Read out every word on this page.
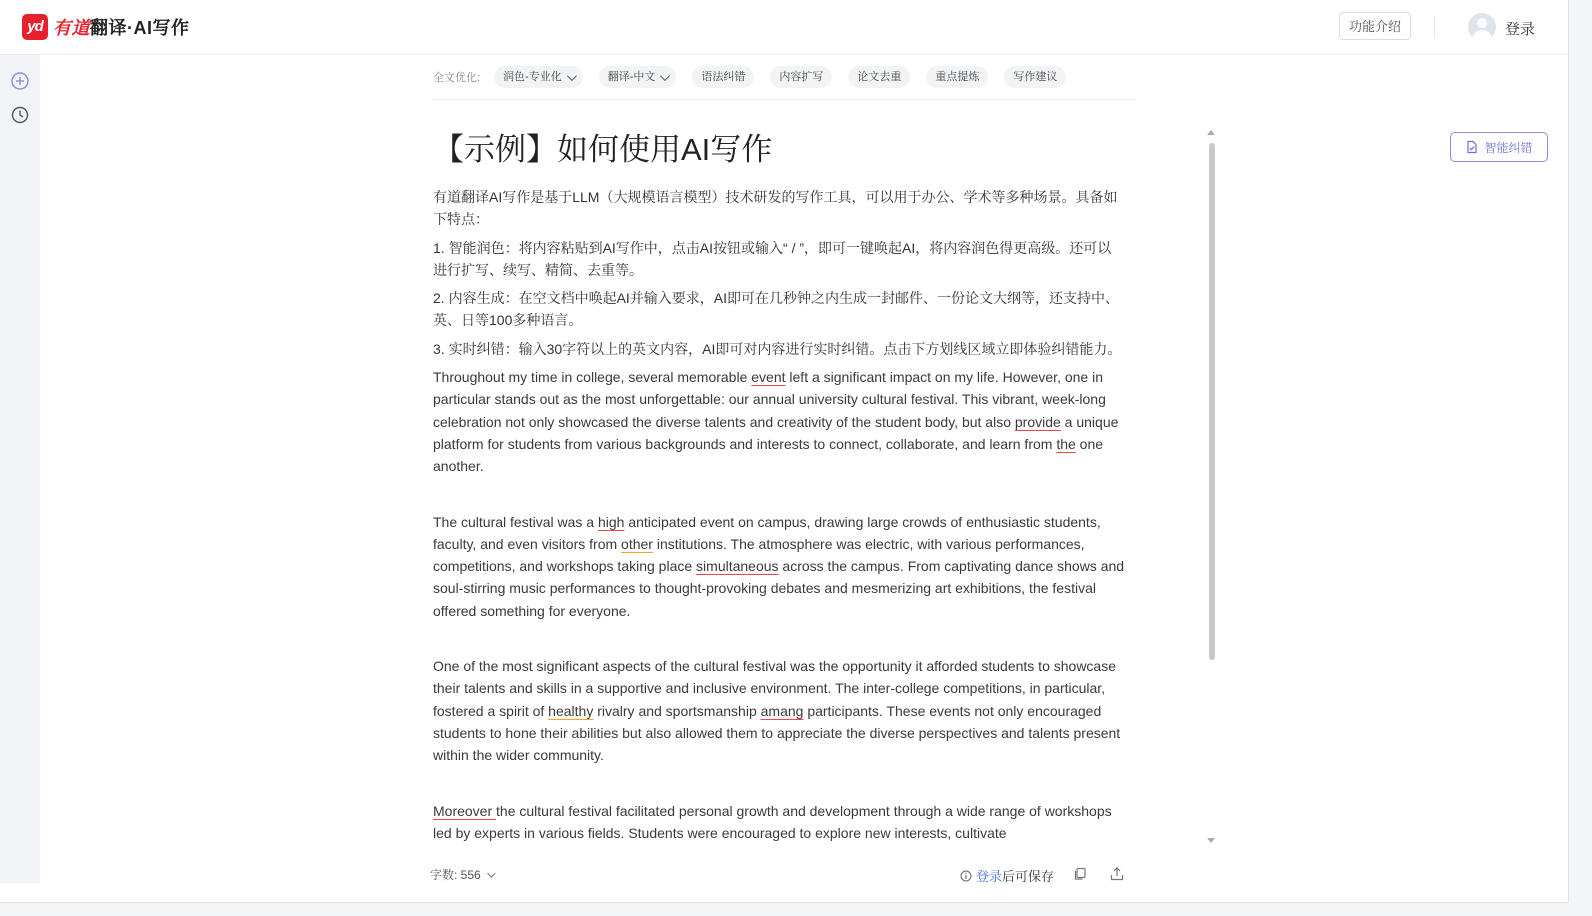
yd 有道翻译·AI写作	功能介绍	登录
全文优化: 润色-专业化	翻译-中文	语法纠错	内容扩写	论文去重	重点提炼	写作建议
【示例】如何使用AI写作

有道翻译AI写作是基于LLM（大规模语言模型）技术研发的写作工具，可以用于办公、学术等多种场景。具备如下特点：

1. 智能润色：将内容粘贴到AI写作中，点击AI按钮或输入“ / ”，即可一键唤起AI，将内容润色得更高级。还可以进行扩写、续写、精简、去重等。

2. 内容生成：在空文档中唤起AI并输入要求，AI即可在几秒钟之内生成一封邮件、一份论文大纲等，还支持中、英、日等100多种语言。

3. 实时纠错：输入30字符以上的英文内容，AI即可对内容进行实时纠错。点击下方划线区域立即体验纠错能力。

Throughout my time in college, several memorable event left a significant impact on my life. However, one in particular stands out as the most unforgettable: our annual university cultural festival. This vibrant, week-long celebration not only showcased the diverse talents and creativity of the student body, but also provide a unique platform for students from various backgrounds and interests to connect, collaborate, and learn from the one another.

The cultural festival was a high anticipated event on campus, drawing large crowds of enthusiastic students, faculty, and even visitors from other institutions. The atmosphere was electric, with various performances, competitions, and workshops taking place simultaneous across the campus. From captivating dance shows and soul-stirring music performances to thought-provoking debates and mesmerizing art exhibitions, the festival offered something for everyone.

One of the most significant aspects of the cultural festival was the opportunity it afforded students to showcase their talents and skills in a supportive and inclusive environment. The inter-college competitions, in particular, fostered a spirit of healthy rivalry and sportsmanship amang participants. These events not only encouraged students to hone their abilities but also allowed them to appreciate the diverse perspectives and talents present within the wider community.

Moreover the cultural festival facilitated personal growth and development through a wide range of workshops led by experts in various fields. Students were encouraged to explore new interests, cultivate

智能纠错
字数: 556	登录 后可保存
